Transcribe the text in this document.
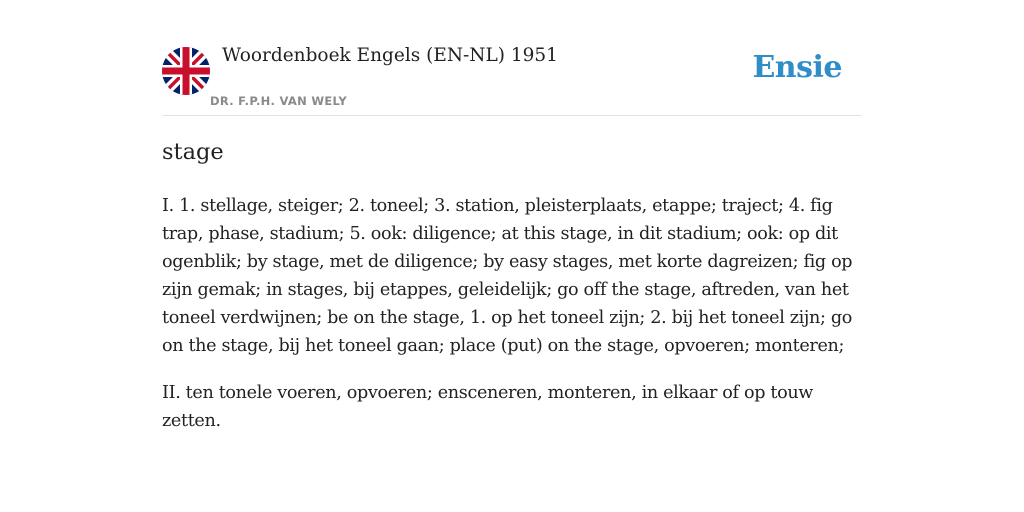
Woordenboek Engels (EN-NL) 1951
DR. F.P.H. VAN WELY
Ensie
stage

I. 1. stellage, steiger; 2. toneel; 3. station, pleisterplaats, etappe; traject; 4. fig trap, phase, stadium; 5. ook: diligence; at this stage, in dit stadium; ook: op dit ogenblik; by stage, met de diligence; by easy stages, met korte dagreizen; fig op zijn gemak; in stages, bij etappes, geleidelijk; go off the stage, aftreden, van het toneel verdwijnen; be on the stage, 1. op het toneel zijn; 2. bij het toneel zijn; go on the stage, bij het toneel gaan; place (put) on the stage, opvoeren; monteren;

II. ten tonele voeren, opvoeren; ensceneren, monteren, in elkaar of op touw zetten.
